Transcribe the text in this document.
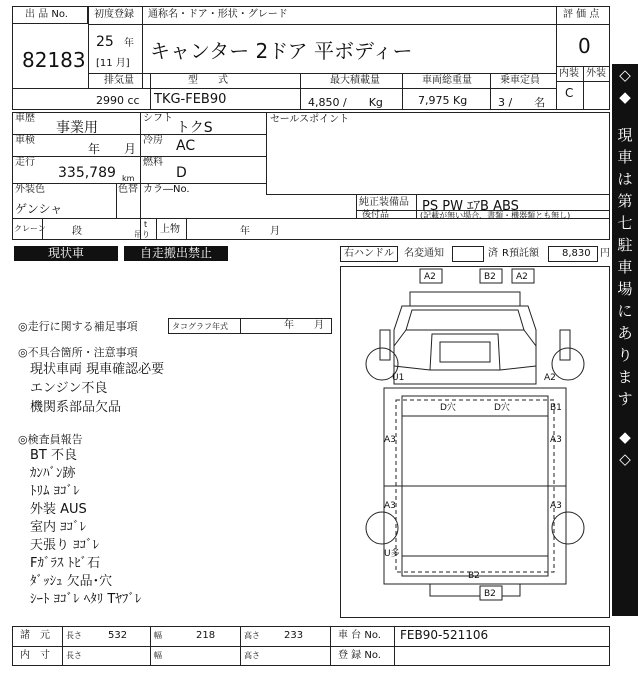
出 品 No.
82183
初度登録
25 年
[11 月]
通称名・ドア・形状・グレード
キャンター 2ドア 平ボディー
評 価 点
0
内装 外装
C
排気量	型　　式	最大積載量	車両総重量	乗車定員
2990 cc TKG-FEB90	4,850 /　　Kg	7,975 Kg	3 /　　名
車歴
事業用
シフト
トクS
車検
年　　月
冷房 AC
走行
335,789 km
燃料
D
外装色
ゲンシャ
色替 カラ―No.
セールスポイント
純正装備品 PS PW ｴｱB ABS
後付品	(記載が無い場合、書類・機器類とも無し)
クレーン	段
t
吊り 上物	年　　月
現状車	自走搬出禁止	右ハンドル 名変通知	済 R預託額 8,830 円
◎走行に関する補足事項	タコグラフ年式	年　　月
◎不具合箇所・注意事項
現状車両 現車確認必要
エンジン不良
機関系部品欠品
◎検査員報告
BT 不良
ｶﾝﾊﾞﾝ跡
ﾄﾘﾑ ﾖｺﾞﾚ
外装 AUS
室内 ﾖｺﾞﾚ
天張り ﾖｺﾞﾚ
Fｶﾞﾗｽ ﾄﾋﾞ石
ﾀﾞｯｼｭ 欠品･穴
ｼｰﾄ ﾖｺﾞﾚ ﾍﾀﾘ Tﾔﾌﾞﾚ
A2	B2 A2
U1	A2
D穴	D穴	B1
A3	A3
A3	A3
U多
B2
B2
◇
◆
現
車
は
第
七
駐
車
場
に
あ
り
ま
す
◆
◇
諸　元 長さ	532	幅	218	高さ 233	車 台 No. FEB90-521106
内　寸 長さ	幅	高さ	登 録 No.
